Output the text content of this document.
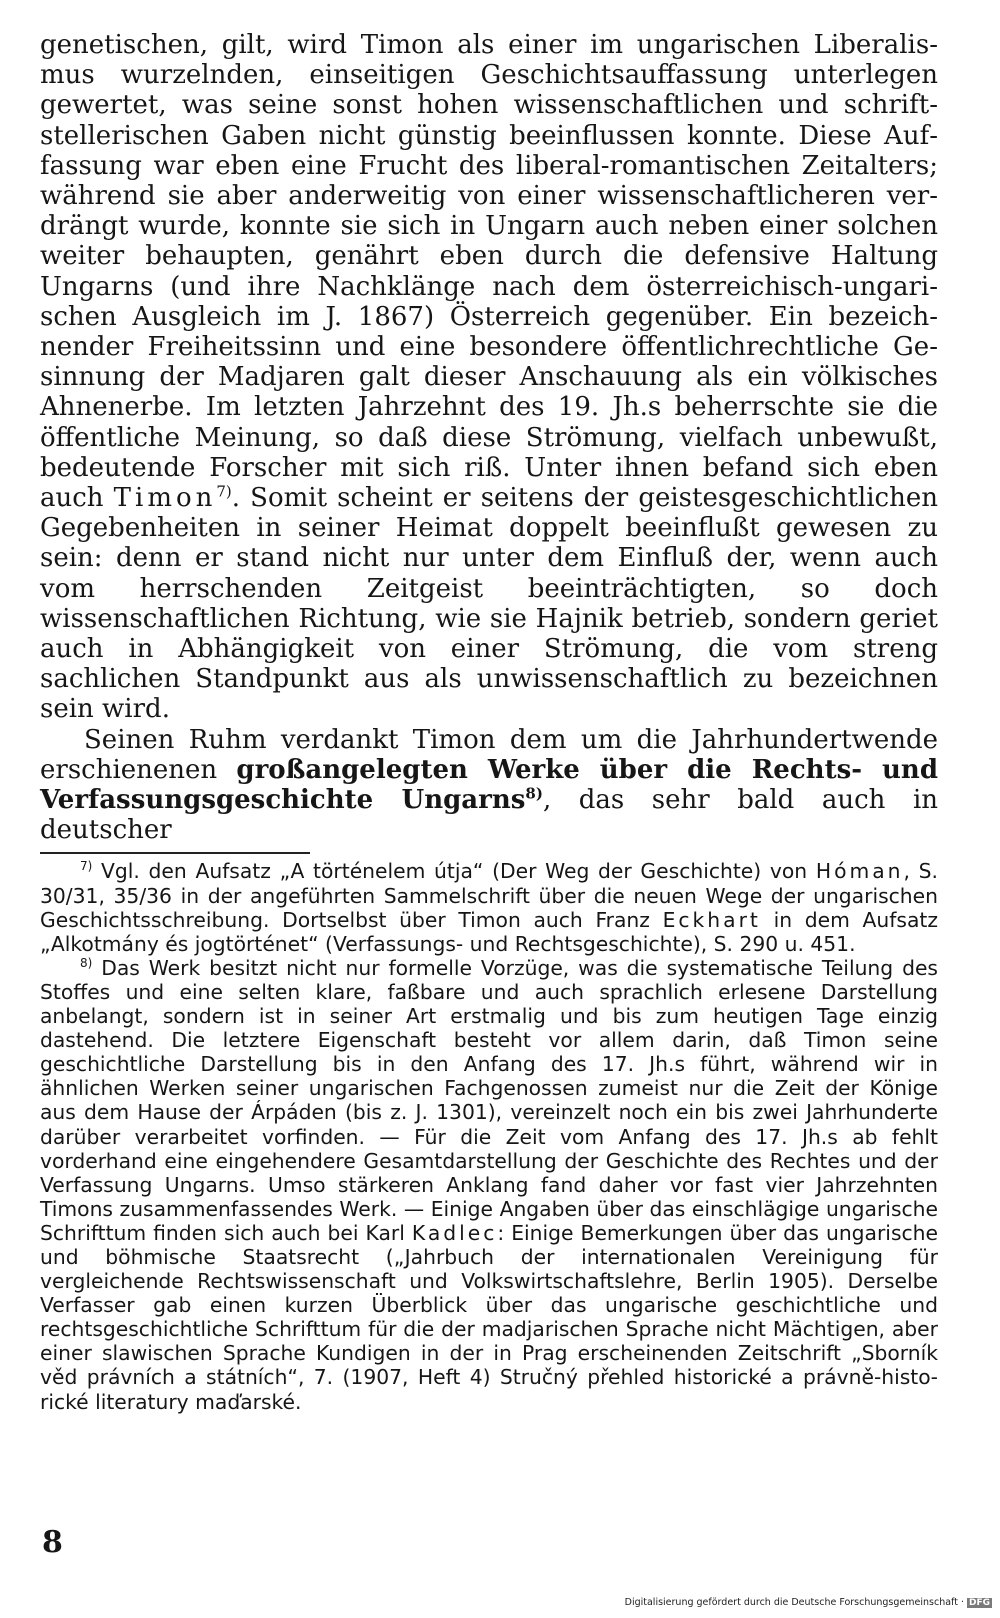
genetischen, gilt, wird Timon als einer im ungarischen Liberalismus wurzelnden, einseitigen Geschichtsauffassung unterlegen gewertet, was seine sonst hohen wissenschaftlichen und schriftstellerischen Gaben nicht günstig beeinflussen konnte. Diese Auffassung war eben eine Frucht des liberal-romantischen Zeitalters; während sie aber anderweitig von einer wissenschaftlicheren verdrängt wurde, konnte sie sich in Ungarn auch neben einer solchen weiter behaupten, genährt eben durch die defensive Haltung Ungarns (und ihre Nachklänge nach dem österreichisch-ungarischen Ausgleich im J. 1867) Österreich gegenüber. Ein bezeichnender Freiheitssinn und eine besondere öffentlichrechtliche Gesinnung der Madjaren galt dieser Anschauung als ein völkisches Ahnenerbe. Im letzten Jahrzehnt des 19. Jh.s beherrschte sie die öffentliche Meinung, so daß diese Strömung, vielfach unbewußt, bedeutende Forscher mit sich riß. Unter ihnen befand sich eben auch Timon$^{7)}$. Somit scheint er seitens der geistesgeschichtlichen Gegebenheiten in seiner Heimat doppelt beeinflußt gewesen zu sein: denn er stand nicht nur unter dem Einfluß der, wenn auch vom herrschenden Zeitgeist beeinträchtigten, so doch wissenschaftlichen Richtung, wie sie Hajnik betrieb, sondern geriet auch in Abhängigkeit von einer Strömung, die vom streng sachlichen Standpunkt aus als unwissenschaftlich zu bezeichnen sein wird.

Seinen Ruhm verdankt Timon dem um die Jahrhundertwende erschienenen großangelegten Werke über die Rechts- und Verfassungsgeschichte Ungarns$^{8)}$, das sehr bald auch in deutscher

$^{7)}$ Vgl. den Aufsatz „A történelem útja“ (Der Weg der Geschichte) von Hóman, S. 30/31, 35/36 in der angeführten Sammelschrift über die neuen Wege der ungarischen Geschichtsschreibung. Dortselbst über Timon auch Franz Eckhart in dem Aufsatz „Alkotmány és jogtörténet“ (Verfassungs- und Rechtsgeschichte), S. 290 u. 451.

$^{8)}$ Das Werk besitzt nicht nur formelle Vorzüge, was die systematische Teilung des Stoffes und eine selten klare, faßbare und auch sprachlich erlesene Darstellung anbelangt, sondern ist in seiner Art erstmalig und bis zum heutigen Tage einzig dastehend. Die letztere Eigenschaft besteht vor allem darin, daß Timon seine geschichtliche Darstellung bis in den Anfang des 17. Jh.s führt, während wir in ähnlichen Werken seiner ungarischen Fachgenossen zumeist nur die Zeit der Könige aus dem Hause der Árpáden (bis z. J. 1301), vereinzelt noch ein bis zwei Jahrhunderte darüber verarbeitet vorfinden. — Für die Zeit vom Anfang des 17. Jh.s ab fehlt vorderhand eine eingehendere Gesamtdarstellung der Geschichte des Rechtes und der Verfassung Ungarns. Umso stärkeren Anklang fand daher vor fast vier Jahrzehnten Timons zusammenfassendes Werk. — Einige Angaben über das einschlägige ungarische Schrifttum finden sich auch bei Karl Kadlec: Einige Bemerkungen über das ungarische und böhmische Staatsrecht („Jahrbuch der internationalen Vereinigung für vergleichende Rechtswissenschaft und Volkswirtschaftslehre, Berlin 1905). Derselbe Verfasser gab einen kurzen Überblick über das ungarische geschichtliche und rechtsgeschichtliche Schrifttum für die der madjarischen Sprache nicht Mächtigen, aber einer slawischen Sprache Kundigen in der in Prag erscheinenden Zeitschrift „Sborník věd právních a státních“, 7. (1907, Heft 4) Stručný přehled historické a právně-historické literatury maďarské.

8
Digitalisierung gefördert durch die Deutsche Forschungsgemeinschaft · DFG
